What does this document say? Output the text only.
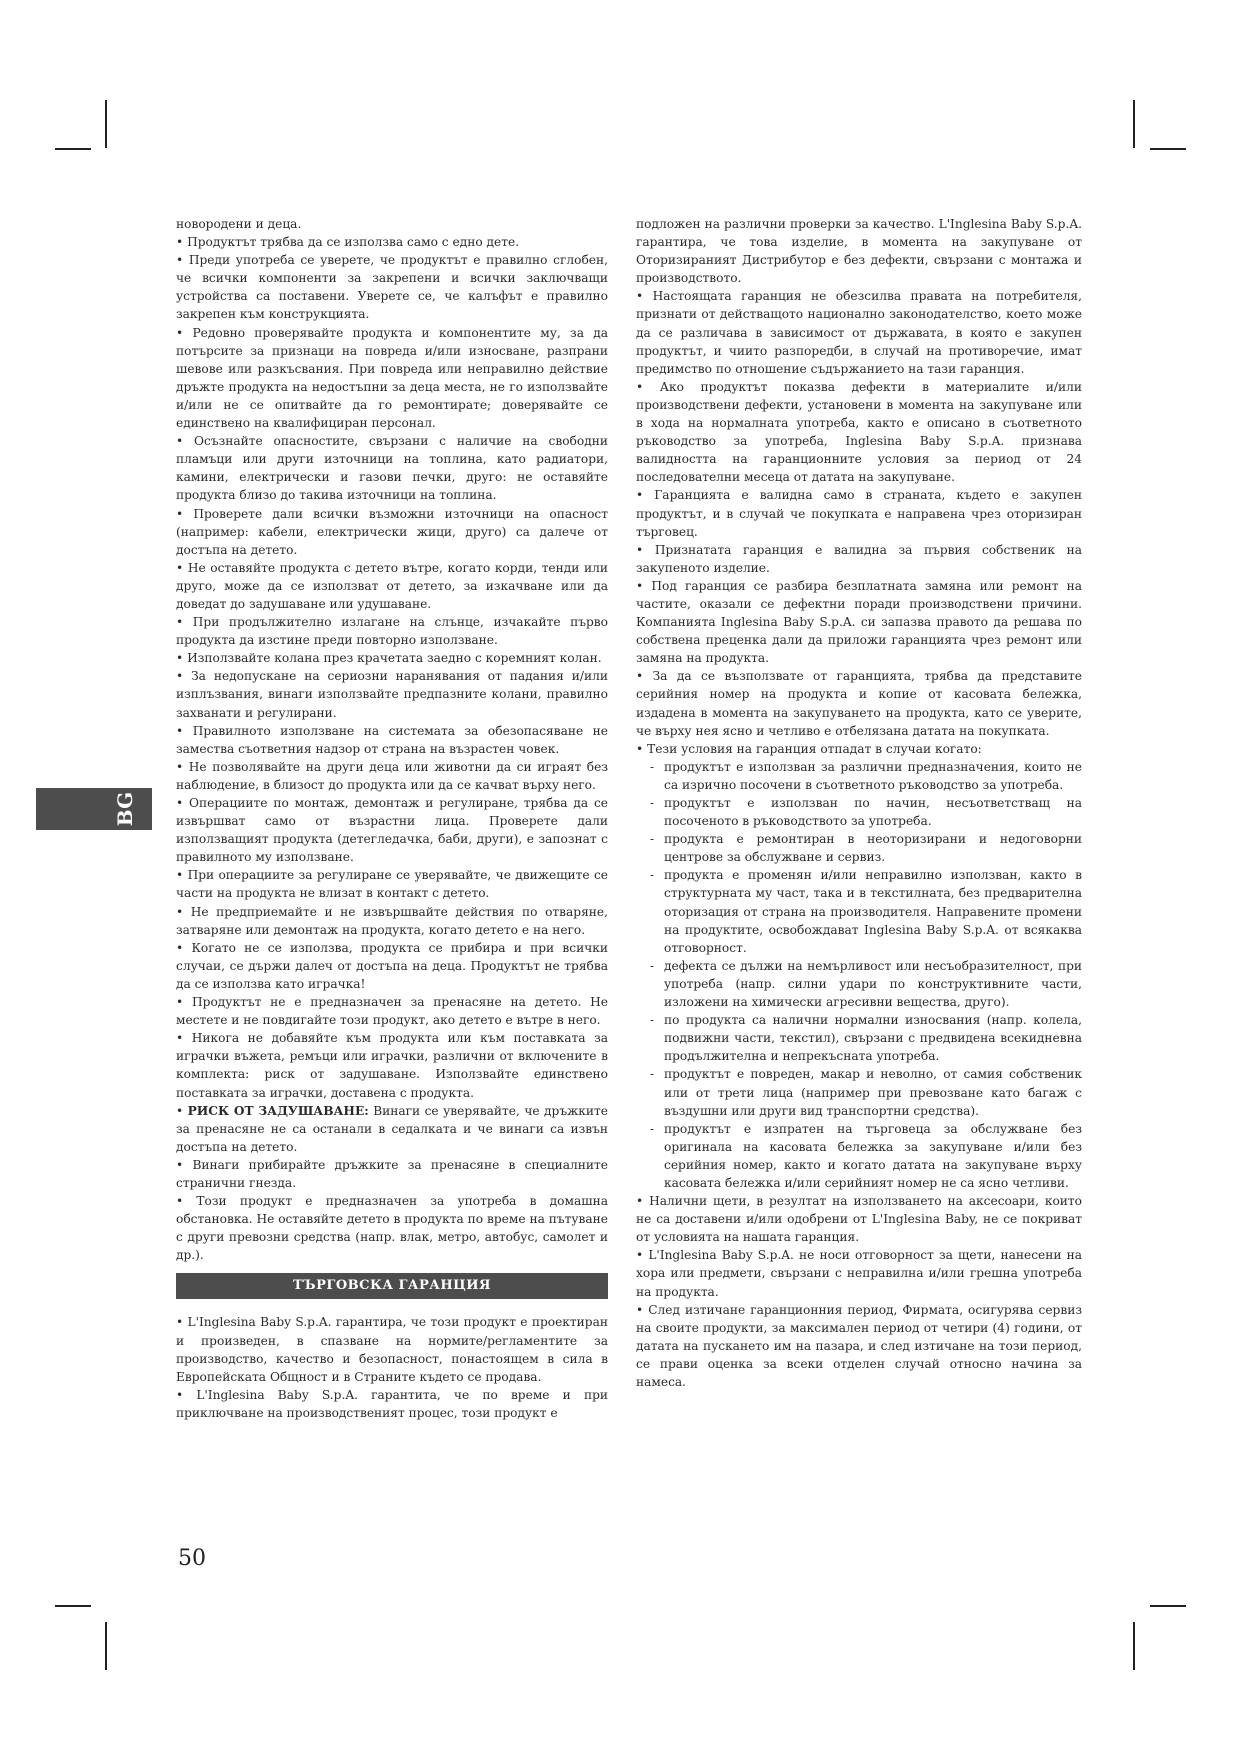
BG

новородени и деца.

• Продуктът трябва да се използва само с едно дете.

• Преди употреба се уверете, че продуктът е правилно сглобен, че всички компоненти за закрепени и всички заключващи устройства са поставени. Уверете се, че калъфът е правилно закрепен към конструкцията.

• Редовно проверявайте продукта и компонентите му, за да потърсите за признаци на повреда и/или износване, разпрани шевове или разкъсвания. При повреда или неправилно действие дръжте продукта на недостъпни за деца места, не го използвайте и/или не се опитвайте да го ремонтирате; доверявайте се единствено на квалифициран персонал.

• Осъзнайте опасностите, свързани с наличие на свободни пламъци или други източници на топлина, като радиатори, камини, електрически и газови печки, друго: не оставяйте продукта близо до такива източници на топлина.

• Проверете дали всички възможни източници на опасност (например: кабели, електрически жици, друго) са далече от достъпа на детето.

• Не оставяйте продукта с детето вътре, когато корди, тенди или друго, може да се използват от детето, за изкачване или да доведат до задушаване или удушаване.

• При продължително излагане на слънце, изчакайте първо продукта да изстине преди повторно използване.

• Използвайте колана през крачетата заедно с коремният колан.

• За недопускане на сериозни наранявания от падания и/или изплъзвания, винаги използвайте предпазните колани, правилно захванати и регулирани.

• Правилното използване на системата за обезопасяване не замества съответния надзор от страна на възрастен човек.

• Не позволявайте на други деца или животни да си играят без наблюдение, в близост до продукта или да се качват върху него.

• Операциите по монтаж, демонтаж и регулиране, трябва да се извършват само от възрастни лица. Проверете дали използващият продукта (детегледачка, баби, други), е запознат с правилното му използване.

• При операциите за регулиране се уверявайте, че движещите се части на продукта не влизат в контакт с детето.

• Не предприемайте и не извършвайте действия по отваряне, затваряне или демонтаж на продукта, когато детето е на него.

• Когато не се използва, продукта се прибира и при всички случаи, се държи далеч от достъпа на деца. Продуктът не трябва да се използва като играчка!

• Продуктът не е предназначен за пренасяне на детето. Не местете и не повдигайте този продукт, ако детето е вътре в него.

• Никога не добавяйте към продукта или към поставката за играчки въжета, ремъци или играчки, различни от включените в комплекта: риск от задушаване. Използвайте единствено поставката за играчки, доставена с продукта.

• РИСК ОТ ЗАДУШАВАНЕ: Винаги се уверявайте, че дръжките за пренасяне не са останали в седалката и че винаги са извън достъпа на детето.

• Винаги прибирайте дръжките за пренасяне в специалните странични гнезда.

• Този продукт е предназначен за употреба в домашна обстановка. Не оставяйте детето в продукта по време на пътуване с други превозни средства (напр. влак, метро, автобус, самолет и др.).

ТЪРГОВСКА ГАРАНЦИЯ

• L'Inglesina Baby S.p.A. гарантира, че този продукт е проектиран и произведен, в спазване на нормите/регламентите за производство, качество и безопасност, понастоящем в сила в Европейската Общност и в Страните където се продава.

• L'Inglesina Baby S.p.A. гарантита, че по време и при приключване на производственият процес, този продукт е

подложен на различни проверки за качество. L'Inglesina Baby S.p.A. гарантира, че това изделие, в момента на закупуване от Оторизираният Дистрибутор е без дефекти, свързани с монтажа и производството.

• Настоящата гаранция не обезсилва правата на потребителя, признати от действащото национално законодателство, което може да се различава в зависимост от държавата, в която е закупен продуктът, и чиито разпоредби, в случай на противоречие, имат предимство по отношение съдържанието на тази гаранция.

• Ако продуктът показва дефекти в материалите и/или производствени дефекти, установени в момента на закупуване или в хода на нормалната употреба, както е описано в съответното ръководство за употреба, Inglesina Baby S.p.A. признава валидността на гаранционните условия за период от 24 последователни месеца от датата на закупуване.

• Гаранцията е валидна само в страната, където е закупен продуктът, и в случай че покупката е направена чрез оторизиран търговец.

• Признатата гаранция е валидна за първия собственик на закупеното изделие.

• Под гаранция се разбира безплатната замяна или ремонт на частите, оказали се дефектни поради производствени причини. Компанията Inglesina Baby S.p.A. си запазва правото да решава по собствена преценка дали да приложи гаранцията чрез ремонт или замяна на продукта.

• За да се възползвате от гаранцията, трябва да представите серийния номер на продукта и копие от касовата бележка, издадена в момента на закупуването на продукта, като се уверите, че върху нея ясно и четливо е отбелязана датата на покупката.

• Тези условия на гаранция отпадат в случаи когато:

- продуктът е използван за различни предназначения, които не са изрично посочени в съответното ръководство за употреба.

- продуктът е използван по начин, несъответстващ на посоченото в ръководството за употреба.

- продукта е ремонтиран в неоторизирани и недоговорни центрове за обслужване и сервиз.

- продукта е променян и/или неправилно използван, както в структурната му част, така и в текстилната, без предварителна оторизация от страна на производителя. Направените промени на продуктите, освобождават Inglesina Baby S.p.A. от всякаква отговорност.

- дефекта се дължи на немърливост или несъобразителност, при употреба (напр. силни удари по конструктивните части, изложени на химически агресивни вещества, друго).

- по продукта са налични нормални износвания (напр. колела, подвижни части, текстил), свързани с предвидена всекидневна продължителна и непрекъсната употреба.

- продуктът е повреден, макар и неволно, от самия собственик или от трети лица (например при превозване като багаж с въздушни или други вид транспортни средства).

- продуктът е изпратен на търговеца за обслужване без оригинала на касовата бележка за закупуване и/или без серийния номер, както и когато датата на закупуване върху касовата бележка и/или серийният номер не са ясно четливи.

• Налични щети, в резултат на използването на аксесоари, които не са доставени и/или одобрени от L'Inglesina Baby, не се покриват от условията на нашата гаранция.

• L'Inglesina Baby S.p.A. не носи отговорност за щети, нанесени на хора или предмети, свързани с неправилна и/или грешна употреба на продукта.

• След изтичане гаранционния период, Фирмата, осигурява сервиз на своите продукти, за максимален период от четири (4) години, от датата на пускането им на пазара, и след изтичане на този период, се прави оценка за всеки отделен случай относно начина за намеса.

50
